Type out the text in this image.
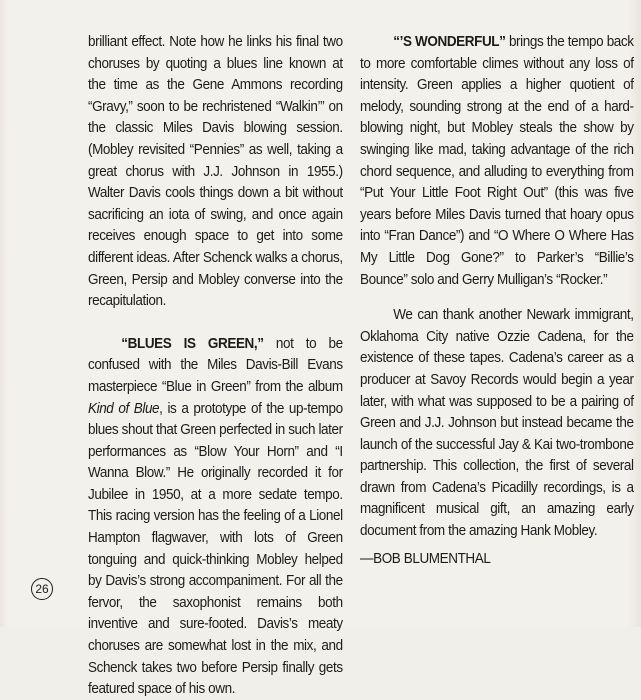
brilliant effect. Note how he links his final two choruses by quoting a blues line known at the time as the Gene Ammons recording “Gravy,” soon to be rechristened “Walkin’” on the classic Miles Davis blowing session. (Mobley revisited “Pennies” as well, taking a great chorus with J.J. Johnson in 1955.) Walter Davis cools things down a bit without sacrificing an iota of swing, and once again receives enough space to get into some different ideas. After Schenck walks a chorus, Green, Persip and Mobley converse into the recapitulation.

“BLUES IS GREEN,” not to be confused with the Miles Davis-Bill Evans masterpiece “Blue in Green” from the album Kind of Blue, is a prototype of the up-tempo blues shout that Green perfected in such later performances as “Blow Your Horn” and “I Wanna Blow.” He originally recorded it for Jubilee in 1950, at a more sedate tempo. This racing version has the feeling of a Lionel Hampton flagwaver, with lots of Green tonguing and quick-thinking Mobley helped by Davis’s strong accompaniment. For all the fervor, the saxophonist remains both inventive and sure-footed. Davis’s meaty choruses are somewhat lost in the mix, and Schenck takes two before Persip finally gets featured space of his own.

“’S WONDERFUL” brings the tempo back to more comfortable climes without any loss of intensity. Green applies a higher quotient of melody, sounding strong at the end of a hard-blowing night, but Mobley steals the show by swinging like mad, taking advantage of the rich chord sequence, and alluding to everything from “Put Your Little Foot Right Out” (this was five years before Miles Davis turned that hoary opus into “Fran Dance”) and “O Where O Where Has My Little Dog Gone?” to Parker’s “Billie’s Bounce” solo and Gerry Mulligan’s “Rocker.”

We can thank another Newark immigrant, Oklahoma City native Ozzie Cadena, for the existence of these tapes. Cadena’s career as a producer at Savoy Records would begin a year later, with what was supposed to be a pairing of Green and J.J. Johnson but instead became the launch of the successful Jay & Kai two-trombone partnership. This collection, the first of several drawn from Cadena’s Picadilly recordings, is a magnificent musical gift, an amazing early document from the amazing Hank Mobley.

—BOB BLUMENTHAL

26
